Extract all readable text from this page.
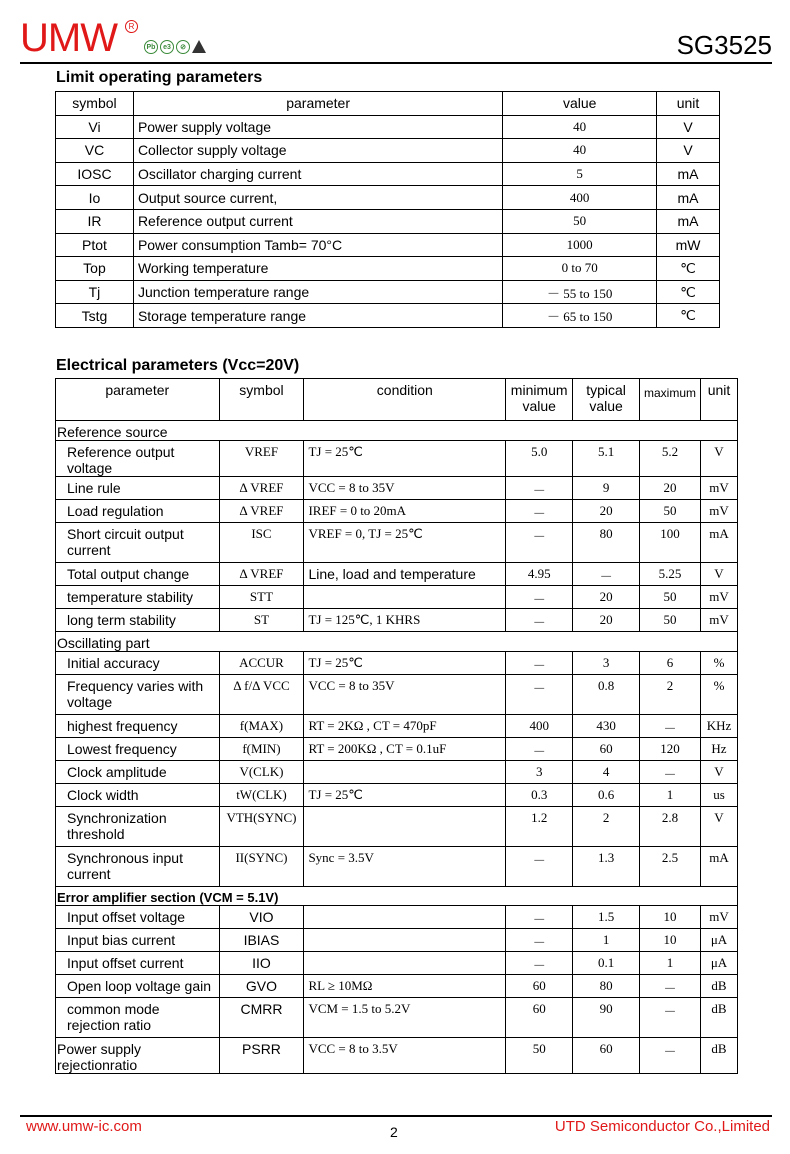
UMW	R
Pb	e3	⊘	SG3525
Limit operating parameters
symbol	parameter	value	unit
Vi	Power supply voltage	40	V
VC	Collector supply voltage	40	V
IOSC	Oscillator charging current	5	mA
Io	Output source current,	400	mA
IR	Reference output current	50	mA
Ptot	Power consumption Tamb= 70°C	1000	mW
Top	Working temperature	0 to 70	℃
Tj	Junction temperature range	－ 55 to 150	℃
Tstg	Storage temperature range	－ 65 to 150	℃
Electrical parameters (Vcc=20V)
parameter	symbol	condition	minimum value	typical value	maximum	unit
Reference source						
Reference output voltage	VREF	TJ = 25℃	5.0	5.1	5.2	V
Line rule	Δ VREF	VCC = 8 to 35V	－	9	20	mV
Load regulation	Δ VREF	IREF = 0 to 20mA	－	20	50	mV
Short circuit output current	ISC	VREF = 0, TJ = 25℃	－	80	100	mA
Total output change	Δ VREF	Line, load and temperature	4.95	－	5.25	V
temperature stability	STT		－	20	50	mV
long term stability	ST	TJ = 125℃, 1 KHRS	－	20	50	mV
Oscillating part						
Initial accuracy	ACCUR	TJ = 25℃	－	3	6	%
Frequency varies with voltage	Δ f/Δ VCC	VCC = 8 to 35V	－	0.8	2	%
highest frequency	f(MAX)	RT = 2KΩ , CT = 470pF	400	430	－	KHz
Lowest frequency	f(MIN)	RT = 200KΩ , CT = 0.1uF	－	60	120	Hz
Clock amplitude	V(CLK)		3	4	－	V
Clock width	tW(CLK)	TJ = 25℃	0.3	0.6	1	us
Synchronization threshold	VTH(SYNC)		1.2	2	2.8	V
Synchronous input current	II(SYNC)	Sync = 3.5V	－	1.3	2.5	mA
Error amplifier section (VCM = 5.1V)						
Input offset voltage	VIO		－	1.5	10	mV
Input bias current	IBIAS		－	1	10	μA
Input offset current	IIO		－	0.1	1	μA
Open loop voltage gain	GVO	RL ≥ 10MΩ	60	80	－	dB
common mode rejection ratio	CMRR	VCM = 1.5 to 5.2V	60	90	－	dB
Power supply rejectionratio	PSRR	VCC = 8 to 3.5V	50	60	－	dB
www.umw-ic.com	2	UTD Semiconductor Co.,Limited
